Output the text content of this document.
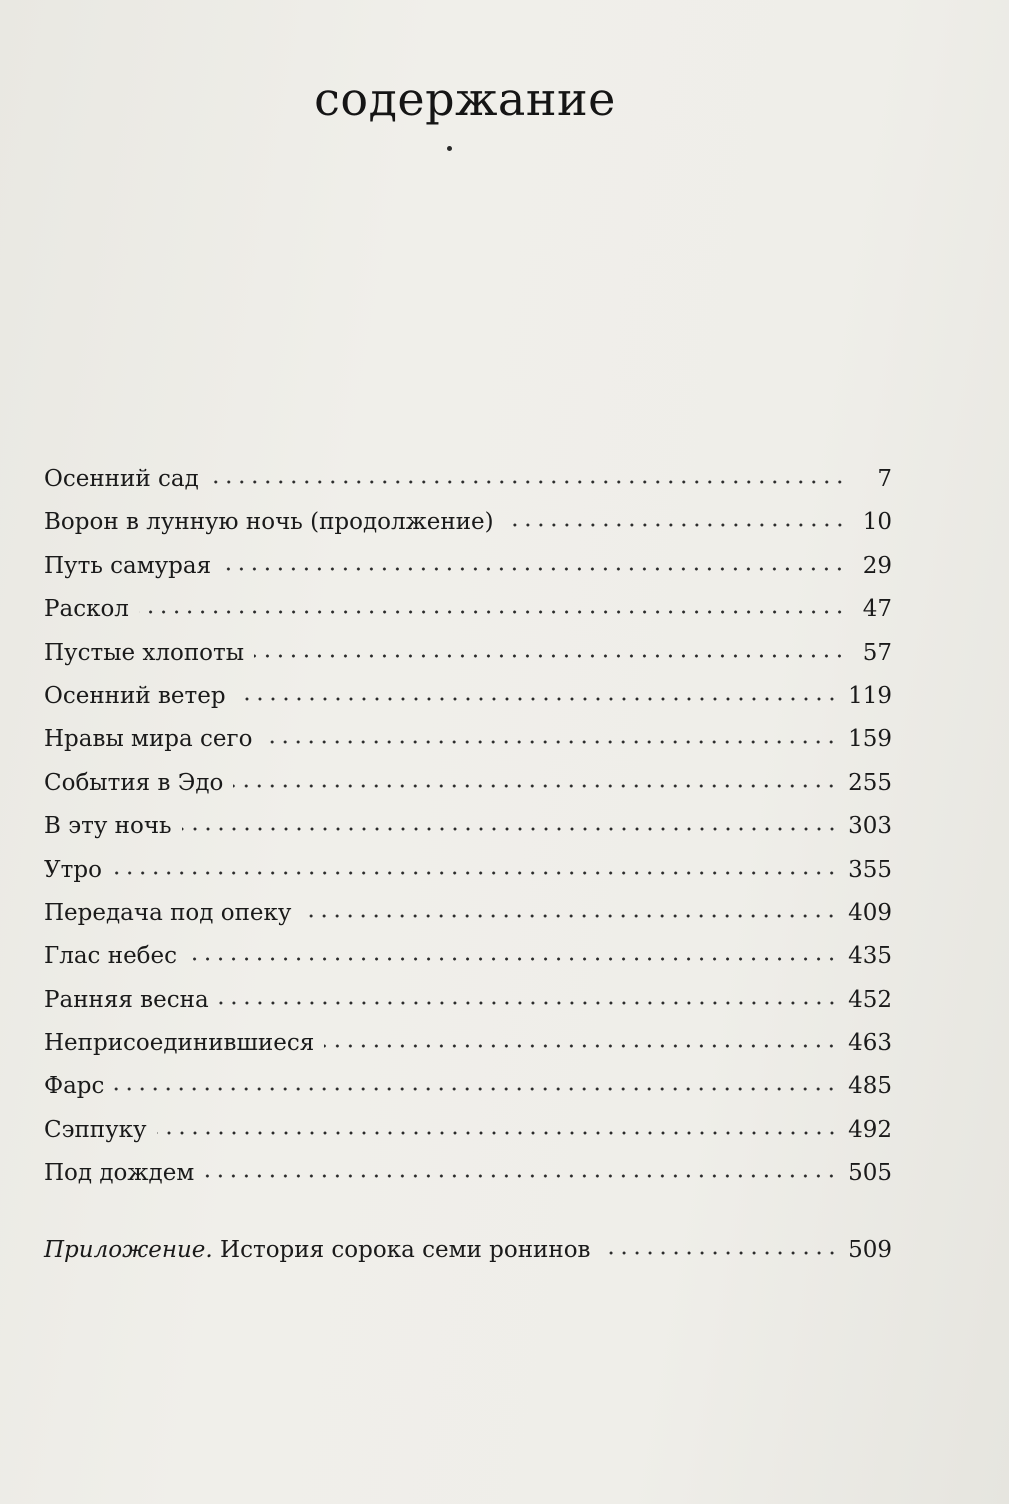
содержание
Осенний сад	7
Ворон в лунную ночь (продолжение)	10
Путь самурая	29
Раскол	47
Пустые хлопоты	57
Осенний ветер	119
Нравы мира сего	159
События в Эдо	255
В эту ночь	303
Утро	355
Передача под опеку	409
Глас небес	435
Ранняя весна	452
Неприсоединившиеся	463
Фарс	485
Сэппуку	492
Под дождем	505
Приложение. История сорока семи ронинов	509
